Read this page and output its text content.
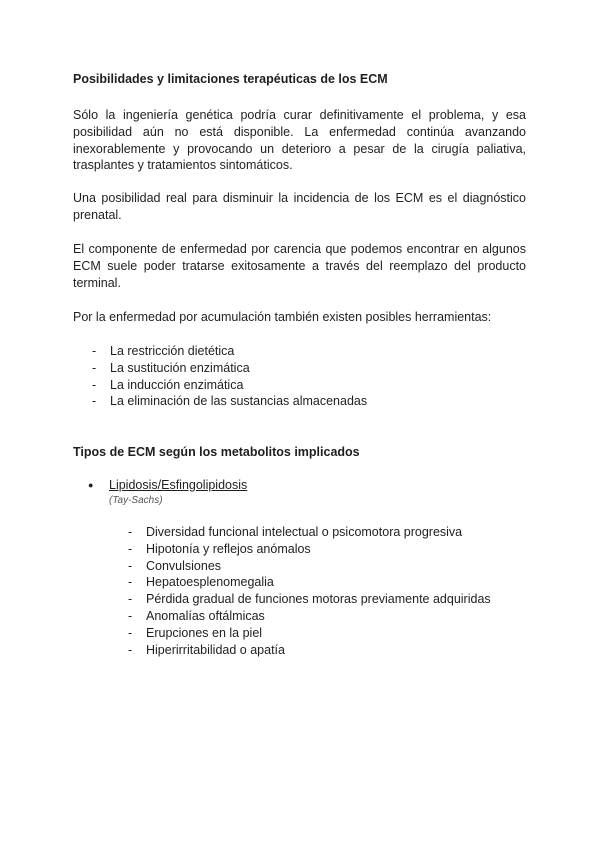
Posibilidades y limitaciones terapéuticas de los ECM
Sólo la ingeniería genética podría curar definitivamente el problema, y esa posibilidad aún no está disponible. La enfermedad continúa avanzando inexorablemente y provocando un deterioro a pesar de la cirugía paliativa, trasplantes y tratamientos sintomáticos.
Una posibilidad real para disminuir la incidencia de los ECM es el diagnóstico prenatal.
El componente de enfermedad por carencia que podemos encontrar en algunos ECM suele poder tratarse exitosamente a través del reemplazo del producto terminal.
Por la enfermedad por acumulación también existen posibles herramientas:
- La restricción dietética
- La sustitución enzimática
- La inducción enzimática
- La eliminación de las sustancias almacenadas
Tipos de ECM según los metabolitos implicados
● Lipidosis/Esfingolipidosis
(Tay-Sachs)
- Diversidad funcional intelectual o psicomotora progresiva
- Hipotonía y reflejos anómalos
- Convulsiones
- Hepatoesplenomegalia
- Pérdida gradual de funciones motoras previamente adquiridas
- Anomalías oftálmicas
- Erupciones en la piel
- Hiperirritabilidad o apatía
